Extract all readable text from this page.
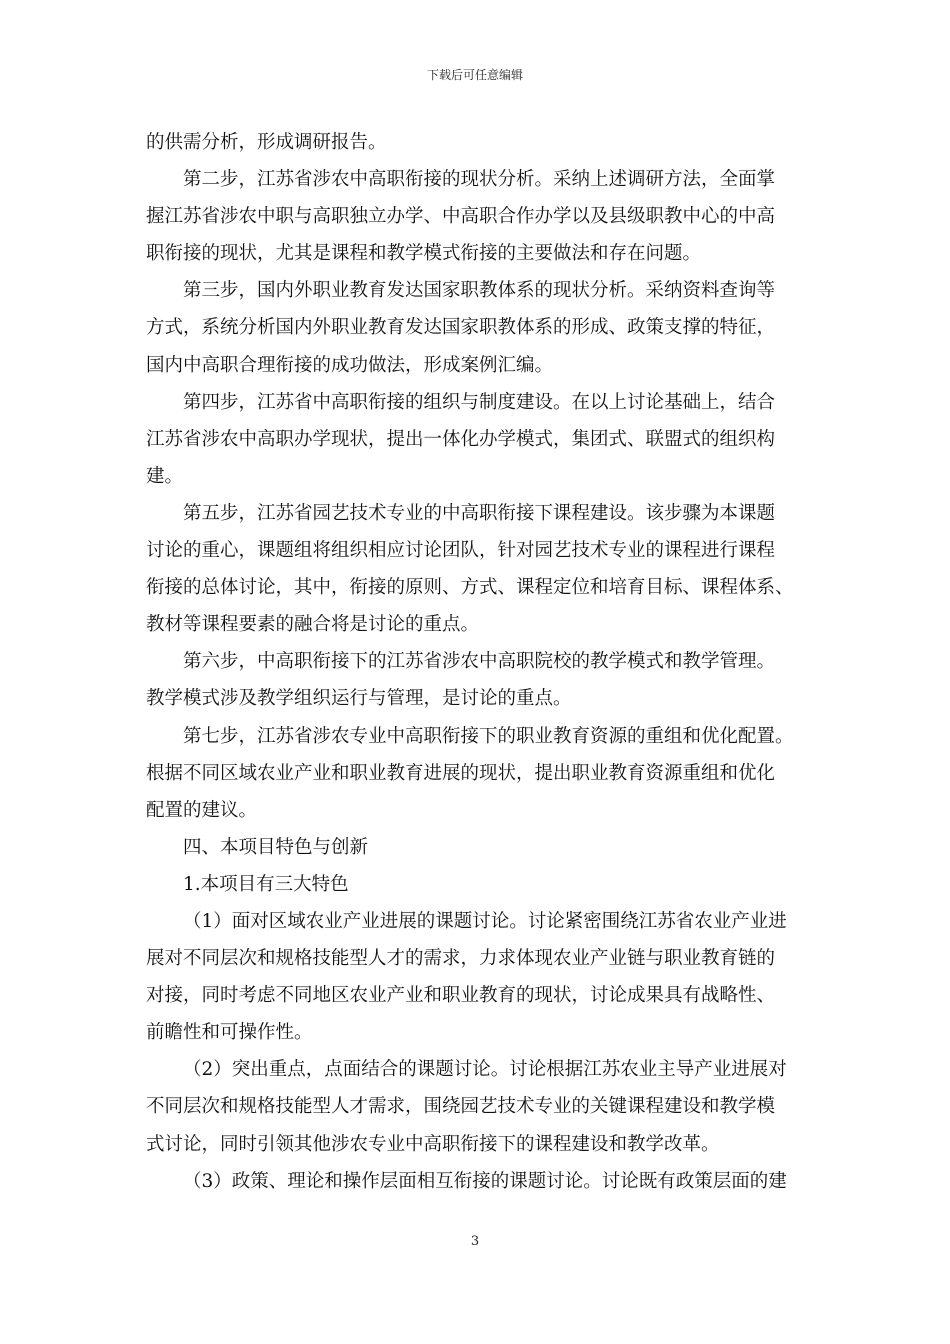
下载后可任意编辑
的供需分析，形成调研报告。
第二步，江苏省涉农中高职衔接的现状分析。采纳上述调研方法，全面掌
握江苏省涉农中职与高职独立办学、中高职合作办学以及县级职教中心的中高
职衔接的现状，尤其是课程和教学模式衔接的主要做法和存在问题。
第三步，国内外职业教育发达国家职教体系的现状分析。采纳资料查询等
方式，系统分析国内外职业教育发达国家职教体系的形成、政策支撑的特征，
国内中高职合理衔接的成功做法，形成案例汇编。
第四步，江苏省中高职衔接的组织与制度建设。在以上讨论基础上，结合
江苏省涉农中高职办学现状，提出一体化办学模式，集团式、联盟式的组织构
建。
第五步，江苏省园艺技术专业的中高职衔接下课程建设。该步骤为本课题
讨论的重心，课题组将组织相应讨论团队，针对园艺技术专业的课程进行课程
衔接的总体讨论，其中，衔接的原则、方式、课程定位和培育目标、课程体系、
教材等课程要素的融合将是讨论的重点。
第六步，中高职衔接下的江苏省涉农中高职院校的教学模式和教学管理。
教学模式涉及教学组织运行与管理，是讨论的重点。
第七步，江苏省涉农专业中高职衔接下的职业教育资源的重组和优化配置。
根据不同区域农业产业和职业教育进展的现状，提出职业教育资源重组和优化
配置的建议。
四、本项目特色与创新
1.本项目有三大特色
（1）面对区域农业产业进展的课题讨论。讨论紧密围绕江苏省农业产业进
展对不同层次和规格技能型人才的需求，力求体现农业产业链与职业教育链的
对接，同时考虑不同地区农业产业和职业教育的现状，讨论成果具有战略性、
前瞻性和可操作性。
（2）突出重点，点面结合的课题讨论。讨论根据江苏农业主导产业进展对
不同层次和规格技能型人才需求，围绕园艺技术专业的关键课程建设和教学模
式讨论，同时引领其他涉农专业中高职衔接下的课程建设和教学改革。
（3）政策、理论和操作层面相互衔接的课题讨论。讨论既有政策层面的建
3
